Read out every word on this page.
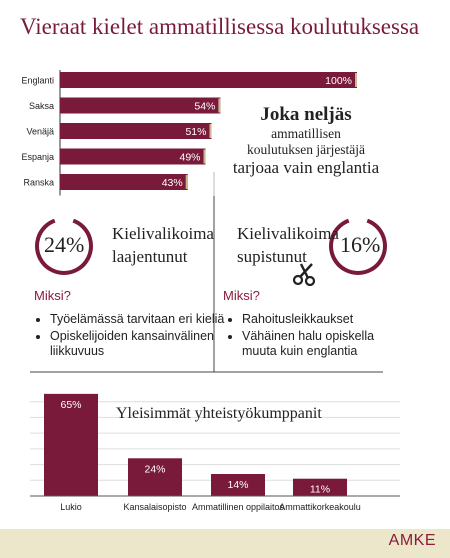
Vieraat kielet ammatillisessa koulutuksessa
Englanti	100%
Saksa	54%
Venäjä	51%
Espanja	49%
Ranska	43%
65%
Lukio
24%
Kansalaisopisto
14%
Ammatillinen oppilaitos
11%
Ammattikorkeakoulu
Yleisimmät yhteistyökumppanit
Joka neljäs
ammatillisen
koulutuksen järjestäjä
tarjoaa vain englantia
24% Kielivalikoima
laajentunut
Miksi?
• Työelämässä tarvitaan eri kieliä
• Opiskelijoiden kansainvälinen liikkuvuus
Kielivalikoima
supistunut	16%
Miksi?
• Rahoitusleikkaukset
• Vähäinen halu opiskella muuta kuin englantia
AMKE
